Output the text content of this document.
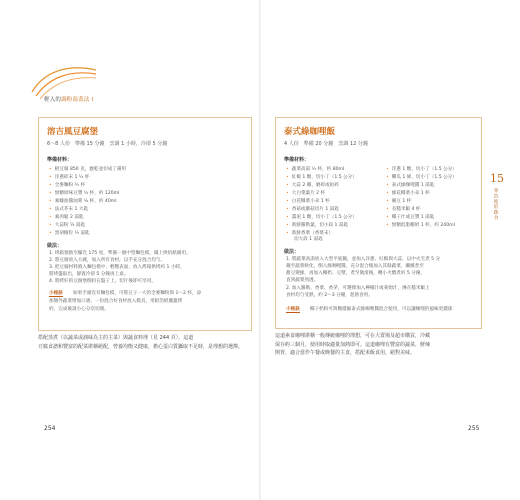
輕入的調粉湯蓋法 I
溶吉風豆腐堡
6～8 人份　準備 15 分鐘　烹調 1 小時，冷卻 5 分鐘
準備材料：
• 板豆腐 850 克，瀝乾並切成丁備用
• 洋蔥碎末 1 ½ 杯
• 全麥麵粉 ¾ 杯
• 無糖原味豆漿 ½ 杯，約 120ml
• 素蠔油醬油膏 ⅙ 杯，約 40ml
• 法式芥末 1 大匙
• 素肉鬆 2 湯匙
• 大蒜粉 ¼ 湯匙
• 黑胡椒粒 ¼ 湯匙
做法：
1. 烤箱預熱至攝氏 175 度，準備一個中型麵包模，鋪上烘焙紙備用。
2. 將豆腐放入大碗，加入所有食材，以手充分混合均勻。
3. 把豆腐材料填入麵包模中，輕壓表面，放入烤箱烘烤約 1 小時，
將烤盤取出，靜置冷卻 5 分鐘再上桌。
4. 將烤好的豆腐堡倒扣在盤子上，切片後即可享用。
小秘訣 如果手頭沒有麵包模，可將豆子一大的全麥麵粉與 1～2 杯，添
加額外蔬菜增加口感，一份混合好食材放入模具，用鋁箔紙覆蓋烤
約，完成後請小心分次切開。
搭配蒸煮（以蔬菜或滷味為主的主菜）與蔬食料理（見 244 頁），這道
豆腐食譜和豐富的配菜堪稱絕配，營養均衡又健康，擔心蛋白質攝取不足時，是理想的選擇。
254
泰式綠咖哩飯
4 人份　準備 20 分鐘　烹調 12 分鐘
準備材料：
• 蔬菜高湯 ⅓ 杯，約 80ml
• 紅椒 1 顆，切小丁（1.5 公分）
• 大蒜 2 瓣，磨碎或拍碎
• 大白菜葉片 2 杯
• 白花椰菜小朵 1 杯
• 香菇或蘑菇切片 1 湯匙
• 薑泥 1 顆，切小丁（1.5 公分）
• 新鮮羅勒葉，切小段 1 湯匙
• 新鮮香菜（香菜末）
切大段 1 湯匙
• 洋蔥 1 顆，切小丁（1.5 公分）
• 櫛瓜 1 條，切小丁（1.5 公分）
• 泰式綠咖哩醬 1 湯匙
• 綠花椰菜小朵 1 杯
• 碗豆 1 杯
• 長糙米飯 4 杯
• 椰子汁或豆漿 1 湯匙
• 無糖低脂椰奶 1 杯，約 240ml
做法：
1. 將蔬菜高湯放入大型平底鍋，並加入洋蔥、紅椒與大蒜，以中火烹煮 5 分
鐘至蔬菜軟化，倒入綠咖哩醬，充分混合後加入其餘蔬菜，繼續煮至
甜豆變綠，再加入椰奶、豆漿，煮至微滾後，轉小火燉煮約 5 分鐘，
直到蔬菜熟透。
2. 加入羅勒、香菜、香茅，可選擇加入檸檬汁或萊姆汁，淋在糙米飯上
食材均勻受熱，約 2～3 分鐘，趁熱食用。
小秘訣 椰子奶粉可與糖濃縮泰式綠咖哩醬混合使用，可以讓咖哩的風味更濃郁
這道素食咖哩堪稱一般傳統咖哩的理想，可在大賣場及超市購買，冷藏
保存約三個月，使用時取適量加熱即可。這道咖哩有豐富的蔬菜，鮮辣
開胃，適合當作午餐或晚餐的主食，搭配米飯食用，絕對美味。
15
零負擔的蔬食
255
